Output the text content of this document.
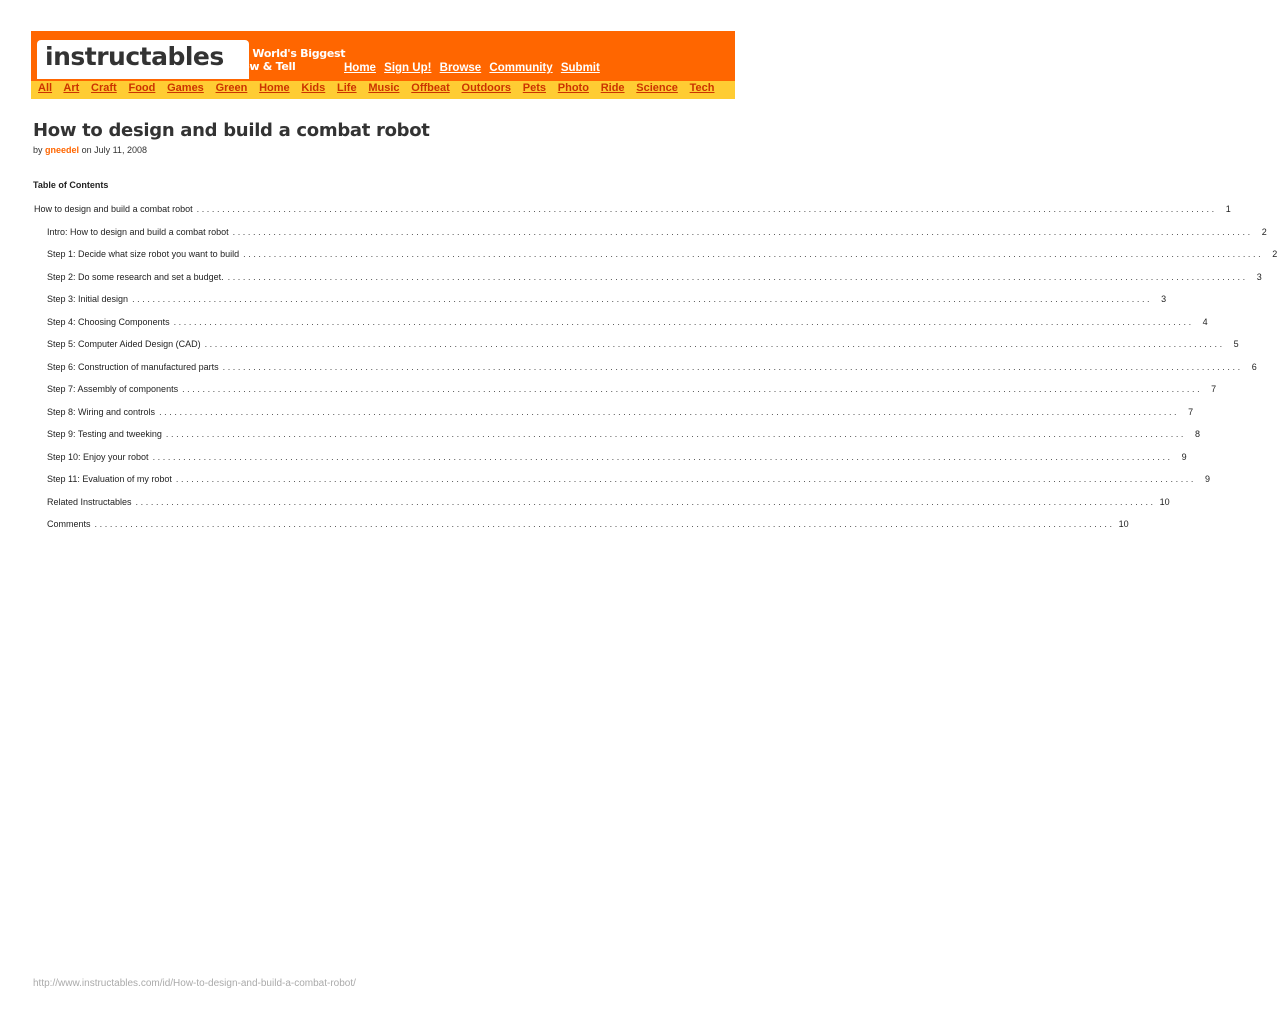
instructables The World's Biggest
Show & Tell	Home Sign Up! Browse Community Submit
All Art Craft Food Games Green Home Kids Life Music Offbeat Outdoors Pets Photo Ride Science Tech
How to design and build a combat robot
by gneedel on July 11, 2008
Table of Contents
How to design and build a combat robot ........................................................................................................................................................................................................ 1
Intro: How to design and build a combat robot ........................................................................................................................................................................................................ 2
Step 1: Decide what size robot you want to build ........................................................................................................................................................................................................ 2
Step 2: Do some research and set a budget. ........................................................................................................................................................................................................ 3
Step 3: Initial design ........................................................................................................................................................................................................ 3
Step 4: Choosing Components ........................................................................................................................................................................................................ 4
Step 5: Computer Aided Design (CAD) ........................................................................................................................................................................................................ 5
Step 6: Construction of manufactured parts ........................................................................................................................................................................................................ 6
Step 7: Assembly of components ........................................................................................................................................................................................................ 7
Step 8: Wiring and controls ........................................................................................................................................................................................................ 7
Step 9: Testing and tweeking ........................................................................................................................................................................................................ 8
Step 10: Enjoy your robot ........................................................................................................................................................................................................ 9
Step 11: Evaluation of my robot ........................................................................................................................................................................................................ 9
Related Instructables ........................................................................................................................................................................................................ 10
Comments ........................................................................................................................................................................................................ 10
http://www.instructables.com/id/How-to-design-and-build-a-combat-robot/
